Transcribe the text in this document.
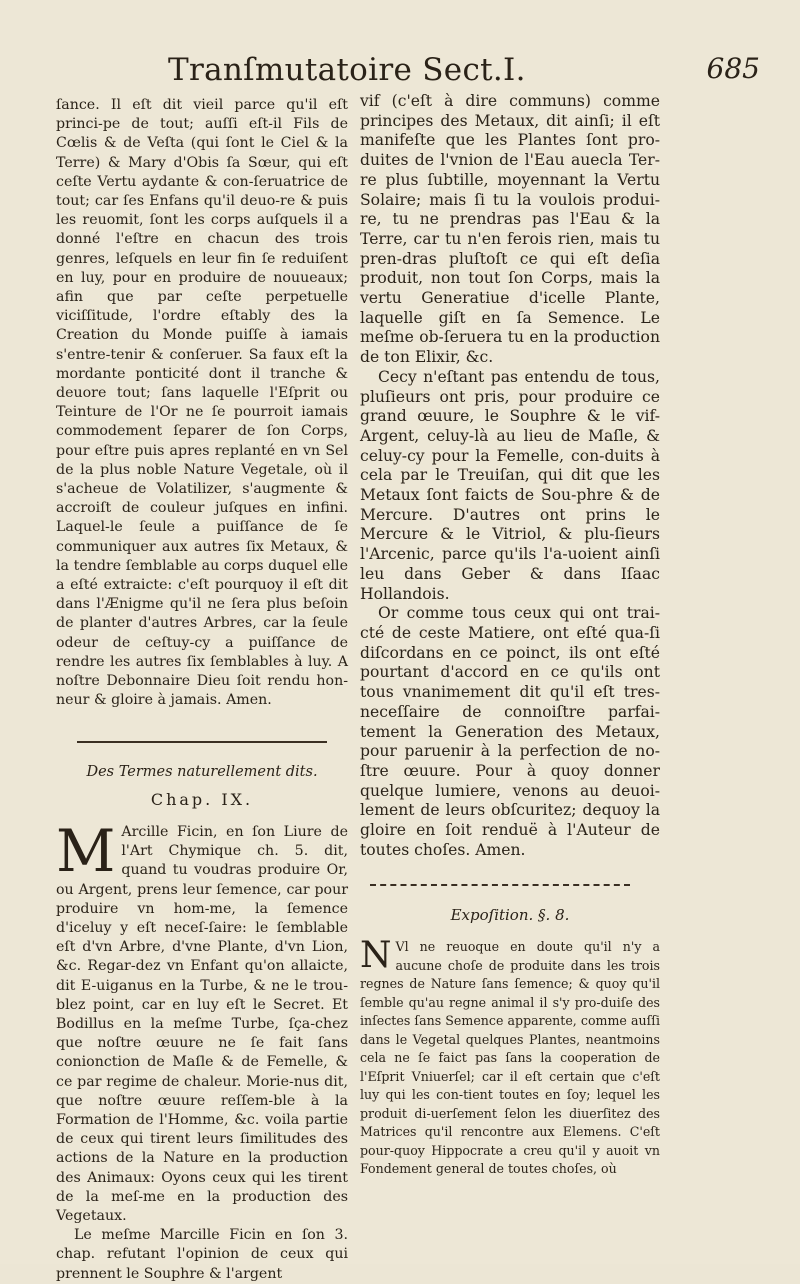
Tranſmutatoire Sect.I.	685

ſance. Il eſt dit vieil parce qu'il eſt princi-pe de tout; auſſi eſt-il Fils de Cœlis & de Veſta (qui ſont le Ciel & la Terre) & Mary d'Obis ſa Sœur, qui eſt ceſte Vertu aydante & con-ſeruatrice de tout; car ſes Enfans qu'il deuo-re & puis les reuomit, ſont les corps auſquels il a donné l'eſtre en chacun des trois genres, leſquels en leur fin ſe reduiſent en luy, pour en produire de nouueaux; afin que par ceſte perpetuelle viciſſitude, l'ordre eſtably des la Creation du Monde puiſſe à iamais s'entre-tenir & conſeruer. Sa faux eſt la mordante ponticité dont il tranche & deuore tout; ſans laquelle l'Eſprit ou Teinture de l'Or ne ſe pourroit iamais commodement ſeparer de ſon Corps, pour eſtre puis apres replanté en vn Sel de la plus noble Nature Vegetale, où il s'acheue de Volatilizer, s'augmente & accroiſt de couleur juſques en infini. Laquel-le ſeule a puiſſance de ſe communiquer aux autres ſix Metaux, & la tendre ſemblable au corps duquel elle a eſté extraicte: c'eſt pourquoy il eſt dit dans l'Ænigme qu'il ne ſera plus beſoin de planter d'autres Arbres, car la ſeule odeur de ceſtuy-cy a puiſſance de rendre les autres ſix ſemblables à luy. A noſtre Debonnaire Dieu ſoit rendu hon-neur & gloire à jamais. Amen.

Des Termes naturellement dits.
Chap. IX.
M Arcille Ficin, en ſon Liure de l'Art Chymique ch. 5. dit, quand tu voudras produire Or, ou Argent, prens leur ſemence, car pour produire vn hom-me, la ſemence d'iceluy y eſt neceſ-ſaire: le ſemblable eſt d'vn Arbre, d'vne Plante, d'vn Lion, &c. Regar-dez vn Enfant qu'on allaicte, dit E-uiganus en la Turbe, & ne le trou-blez point, car en luy eſt le Secret. Et Bodillus en la meſme Turbe, ſça-chez que noſtre œuure ne ſe fait ſans conionction de Maſle & de Femelle, & ce par regime de chaleur. Morie-nus dit, que noſtre œuure reſſem-ble à la Formation de l'Homme, &c. voila partie de ceux qui tirent leurs ſimilitudes des actions de la Nature en la production des Animaux: Oyons ceux qui les tirent de la meſ-me en la production des Vegetaux.

Le meſme Marcille Ficin en ſon 3. chap. refutant l'opinion de ceux qui prennent le Souphre & l'argent

vif (c'eſt à dire communs) comme principes des Metaux, dit ainſi; il eſt manifeſte que les Plantes ſont pro-duites de l'vnion de l'Eau auecla Ter-re plus ſubtille, moyennant la Vertu Solaire; mais ſi tu la voulois produi-re, tu ne prendras pas l'Eau & la Terre, car tu n'en ferois rien, mais tu pren-dras pluſtoſt ce qui eſt deſia produit, non tout ſon Corps, mais la vertu Generatiue d'icelle Plante, laquelle giſt en ſa Semence. Le meſme ob-ſeruera tu en la production de ton Elixir, &c.

Cecy n'eſtant pas entendu de tous, pluſieurs ont pris, pour produire ce grand œuure, le Souphre & le vif-Argent, celuy-là au lieu de Maſle, & celuy-cy pour la Femelle, con-duits à cela par le Treuiſan, qui dit que les Metaux ſont faicts de Sou-phre & de Mercure. D'autres ont prins le Mercure & le Vitriol, & plu-ſieurs l'Arcenic, parce qu'ils l'a-uoient ainſi leu dans Geber & dans Iſaac Hollandois.

Or comme tous ceux qui ont trai-cté de ceste Matiere, ont eſté qua-ſi diſcordans en ce poinct, ils ont eſté pourtant d'accord en ce qu'ils ont tous vnanimement dit qu'il eſt tres-neceſſaire de connoiſtre parfai-tement la Generation des Metaux, pour paruenir à la perfection de no-ſtre œuure. Pour à quoy donner quelque lumiere, venons au deuoi-lement de leurs obſcuritez; dequoy la gloire en ſoit renduë à l'Auteur de toutes choſes. Amen.

Expoſition. §. 8.
N Vl ne reuoque en doute qu'il n'y a aucune choſe de produite dans les trois regnes de Nature ſans ſemence; & quoy qu'il ſemble qu'au regne animal il s'y pro-duiſe des inſectes ſans Semence apparente, comme auſſi dans le Vegetal quelques Plantes, neantmoins cela ne ſe faict pas ſans la cooperation de l'Eſprit Vniuerſel; car il eſt certain que c'eſt luy qui les con-tient toutes en ſoy; lequel les produit di-uerſement ſelon les diuerſitez des Matrices qu'il rencontre aux Elemens. C'eſt pour-quoy Hippocrate a creu qu'il y auoit vn Fondement general de toutes choſes, où
